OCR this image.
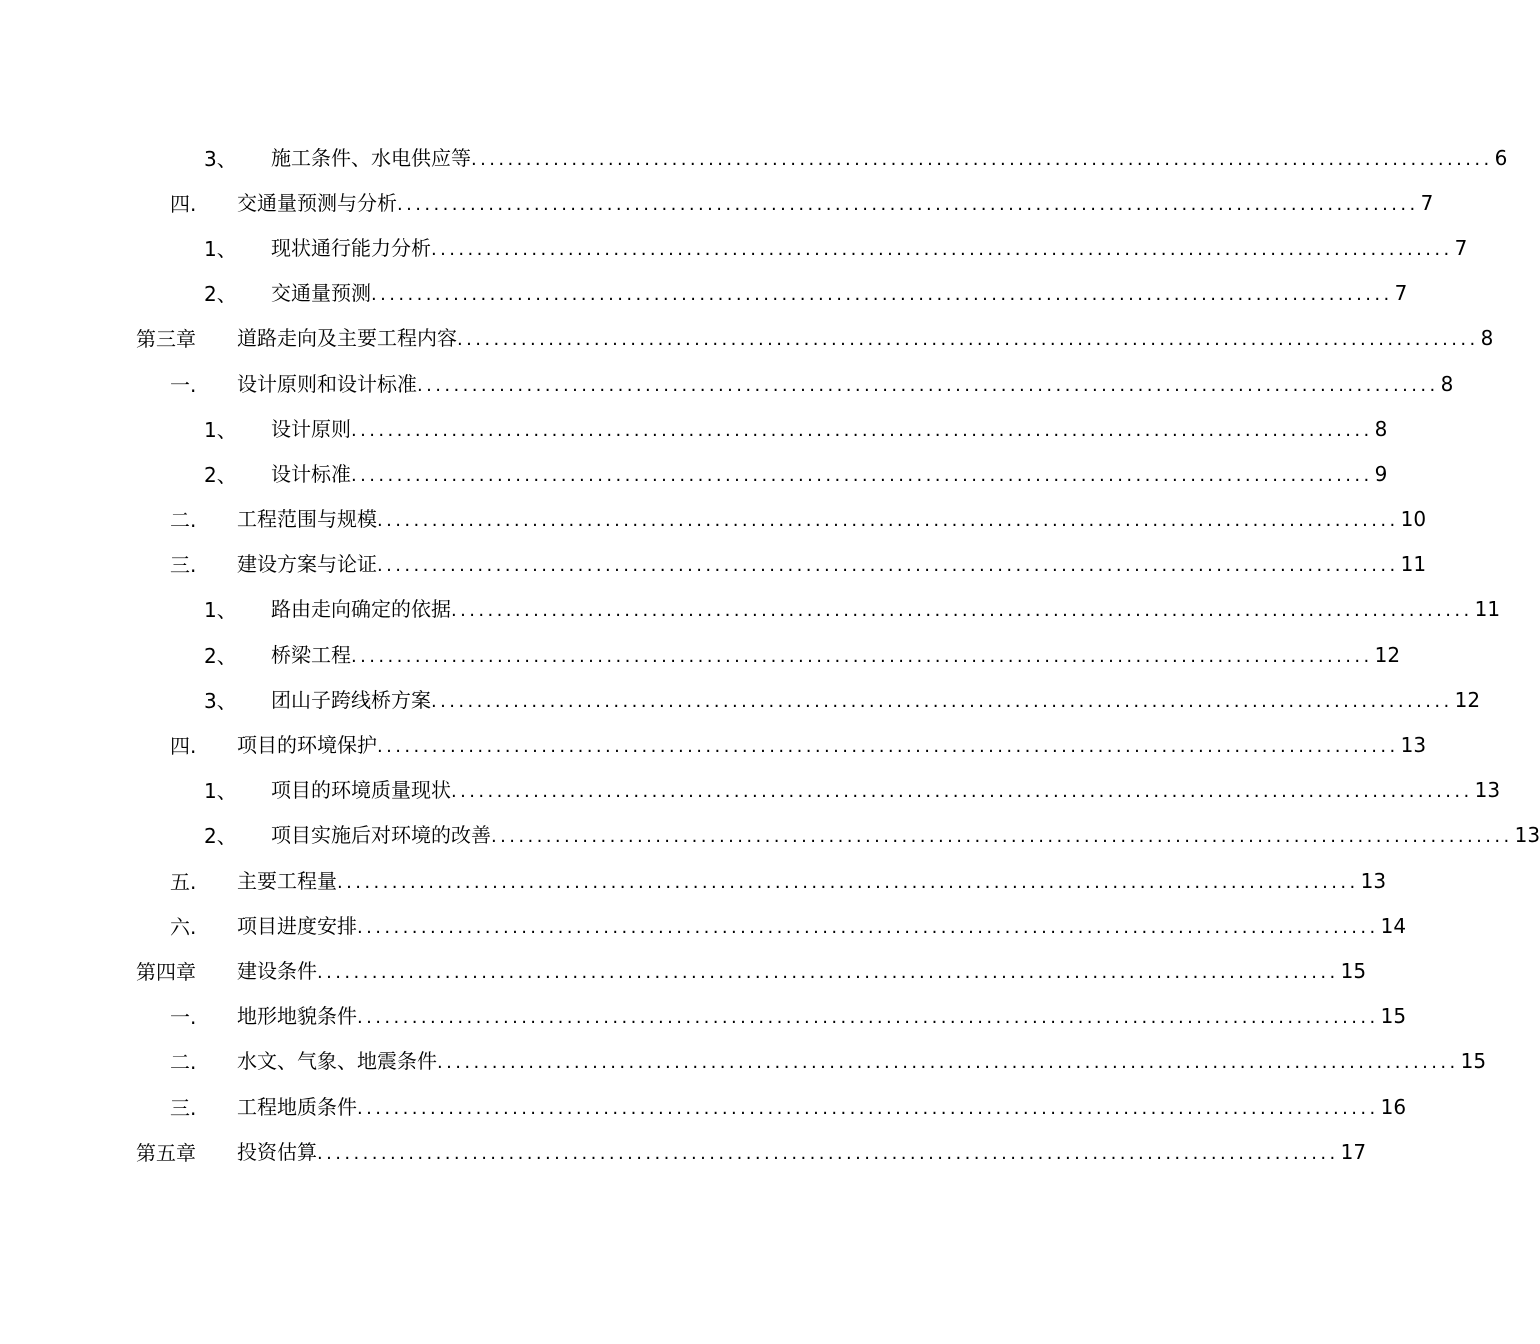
3、 施工条件、水电供应等 ................................................................................................................ 6
四. 交通量预测与分析 ................................................................................................................ 7
1、 现状通行能力分析 ................................................................................................................ 7
2、 交通量预测 ................................................................................................................ 7
第三章 道路走向及主要工程内容 ................................................................................................................ 8
一. 设计原则和设计标准 ................................................................................................................ 8
1、 设计原则 ................................................................................................................ 8
2、 设计标准 ................................................................................................................ 9
二. 工程范围与规模 ................................................................................................................ 10
三. 建设方案与论证 ................................................................................................................ 11
1、 路由走向确定的依据 ................................................................................................................ 11
2、 桥梁工程 ................................................................................................................ 12
3、 团山子跨线桥方案 ................................................................................................................ 12
四. 项目的环境保护 ................................................................................................................ 13
1、 项目的环境质量现状 ................................................................................................................ 13
2、 项目实施后对环境的改善 ................................................................................................................ 13
五. 主要工程量 ................................................................................................................ 13
六. 项目进度安排 ................................................................................................................ 14
第四章 建设条件 ................................................................................................................ 15
一. 地形地貌条件 ................................................................................................................ 15
二. 水文、气象、地震条件 ................................................................................................................ 15
三. 工程地质条件 ................................................................................................................ 16
第五章 投资估算 ................................................................................................................ 17
